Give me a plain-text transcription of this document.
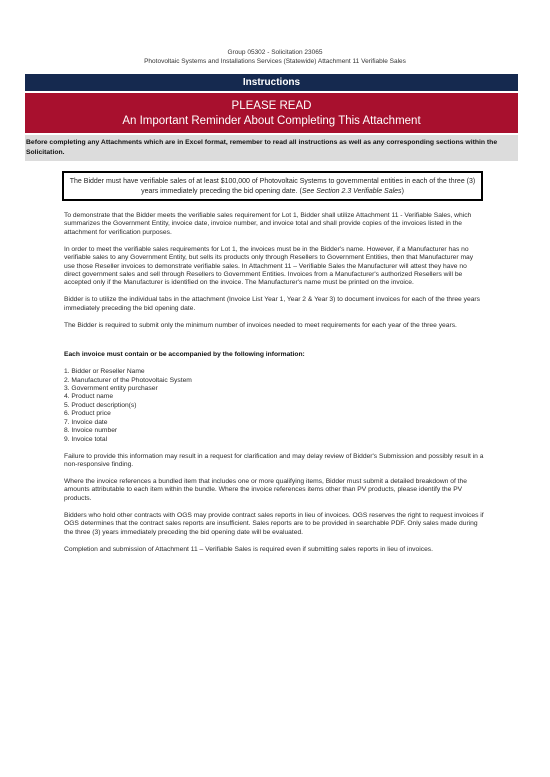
Group 05302 - Solicitation 23065
Photovoltaic Systems and Installations Services (Statewide) Attachment 11 Verifiable Sales
Instructions
PLEASE READ
An Important Reminder About Completing This Attachment
Before completing any Attachments which are in Excel format, remember to read all instructions as well as any corresponding sections within the Solicitation.
The Bidder must have verifiable sales of at least $100,000 of Photovoltaic Systems to governmental entities in each of the three (3) years immediately preceding the bid opening date. (See Section 2.3 Verifiable Sales)

To demonstrate that the Bidder meets the verifiable sales requirement for Lot 1, Bidder shall utilize Attachment 11 - Verifiable Sales, which summarizes the Government Entity, invoice date, invoice number, and invoice total and shall provide copies of the invoices listed in the attachment for verification purposes.

In order to meet the verifiable sales requirements for Lot 1, the invoices must be in the Bidder's name. However, if a Manufacturer has no verifiable sales to any Government Entity, but sells its products only through Resellers to Government Entities, then that Manufacturer may use those Reseller invoices to demonstrate verifiable sales. In Attachment 11 – Verifiable Sales the Manufacturer will attest they have no direct government sales and sell through Resellers to Government Entities. Invoices from a Manufacturer's authorized Resellers will be accepted only if the Manufacturer is identified on the invoice. The Manufacturer's name must be printed on the invoice.

Bidder is to utilize the individual tabs in the attachment (Invoice List Year 1, Year 2 & Year 3) to document invoices for each of the three years immediately preceding the bid opening date.

The Bidder is required to submit only the minimum number of invoices needed to meet requirements for each year of the three years.

Each invoice must contain or be accompanied by the following information:

1. Bidder or Reseller Name
2. Manufacturer of the Photovoltaic System
3. Government entity purchaser
4. Product name
5. Product description(s)
6. Product price
7. Invoice date
8. Invoice number
9. Invoice total

Failure to provide this information may result in a request for clarification and may delay review of Bidder's Submission and possibly result in a non-responsive finding.

Where the invoice references a bundled item that includes one or more qualifying items, Bidder must submit a detailed breakdown of the amounts attributable to each item within the bundle. Where the invoice references items other than PV products, please identify the PV products.

Bidders who hold other contracts with OGS may provide contract sales reports in lieu of invoices. OGS reserves the right to request invoices if OGS determines that the contract sales reports are insufficient. Sales reports are to be provided in searchable PDF. Only sales made during the three (3) years immediately preceding the bid opening date will be evaluated.

Completion and submission of Attachment 11 – Verifiable Sales is required even if submitting sales reports in lieu of invoices.
